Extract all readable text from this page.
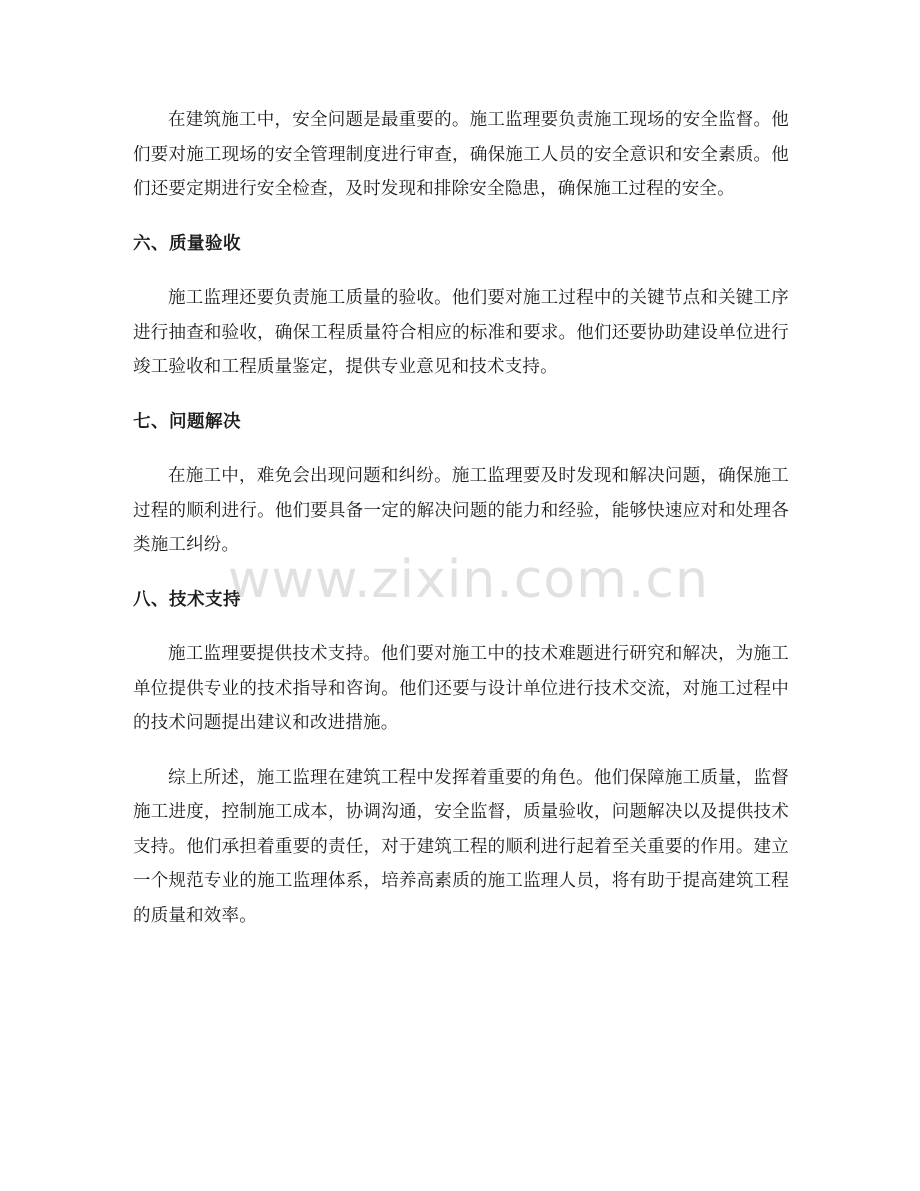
在建筑施工中，安全问题是最重要的。施工监理要负责施工现场的安全监督。他们要对施工现场的安全管理制度进行审查，确保施工人员的安全意识和安全素质。他们还要定期进行安全检查，及时发现和排除安全隐患，确保施工过程的安全。

六、质量验收

施工监理还要负责施工质量的验收。他们要对施工过程中的关键节点和关键工序进行抽查和验收，确保工程质量符合相应的标准和要求。他们还要协助建设单位进行竣工验收和工程质量鉴定，提供专业意见和技术支持。

七、问题解决

在施工中，难免会出现问题和纠纷。施工监理要及时发现和解决问题，确保施工过程的顺利进行。他们要具备一定的解决问题的能力和经验，能够快速应对和处理各类施工纠纷。

八、技术支持

施工监理要提供技术支持。他们要对施工中的技术难题进行研究和解决，为施工单位提供专业的技术指导和咨询。他们还要与设计单位进行技术交流，对施工过程中的技术问题提出建议和改进措施。

综上所述，施工监理在建筑工程中发挥着重要的角色。他们保障施工质量，监督施工进度，控制施工成本，协调沟通，安全监督，质量验收，问题解决以及提供技术支持。他们承担着重要的责任，对于建筑工程的顺利进行起着至关重要的作用。建立一个规范专业的施工监理体系，培养高素质的施工监理人员，将有助于提高建筑工程的质量和效率。

www.zixin.com.cn
